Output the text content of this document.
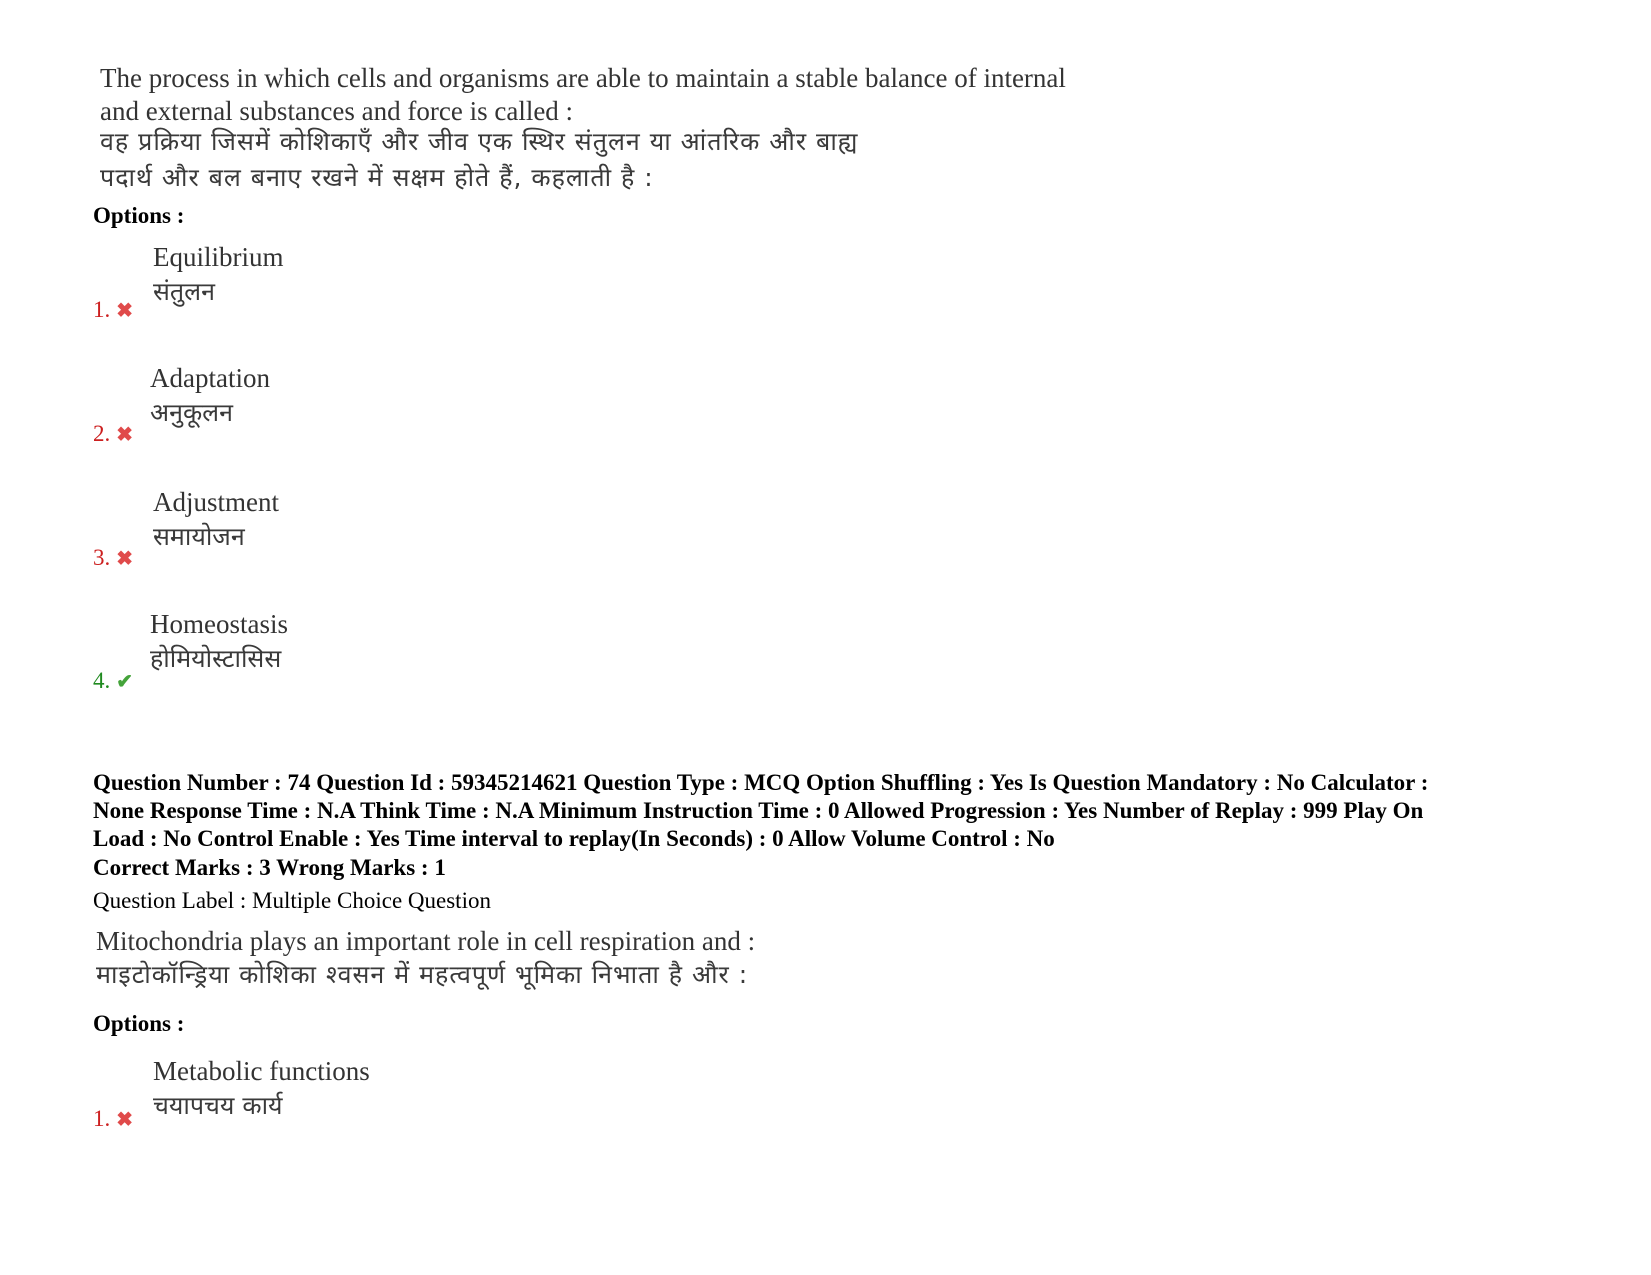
The process in which cells and organisms are able to maintain a stable balance of internal
and external substances and force is called :
वह प्रक्रिया जिसमें कोशिकाएँ और जीव एक स्थिर संतुलन या आंतरिक और बाह्य
पदार्थ और बल बनाए रखने में सक्षम होते हैं, कहलाती है :
Options :
Equilibrium
संतुलन
1. ✖
Adaptation
अनुकूलन
2. ✖
Adjustment
समायोजन
3. ✖
Homeostasis
होमियोस्टासिस
4. ✔
Question Number : 74 Question Id : 59345214621 Question Type : MCQ Option Shuffling : Yes Is Question Mandatory : No Calculator :
None Response Time : N.A Think Time : N.A Minimum Instruction Time : 0 Allowed Progression : Yes Number of Replay : 999 Play On
Load : No Control Enable : Yes Time interval to replay(In Seconds) : 0 Allow Volume Control : No
Correct Marks : 3 Wrong Marks : 1
Question Label : Multiple Choice Question
Mitochondria plays an important role in cell respiration and :
माइटोकॉन्ड्रिया कोशिका श्वसन में महत्वपूर्ण भूमिका निभाता है और :
Options :
Metabolic functions
चयापचय कार्य
1. ✖
